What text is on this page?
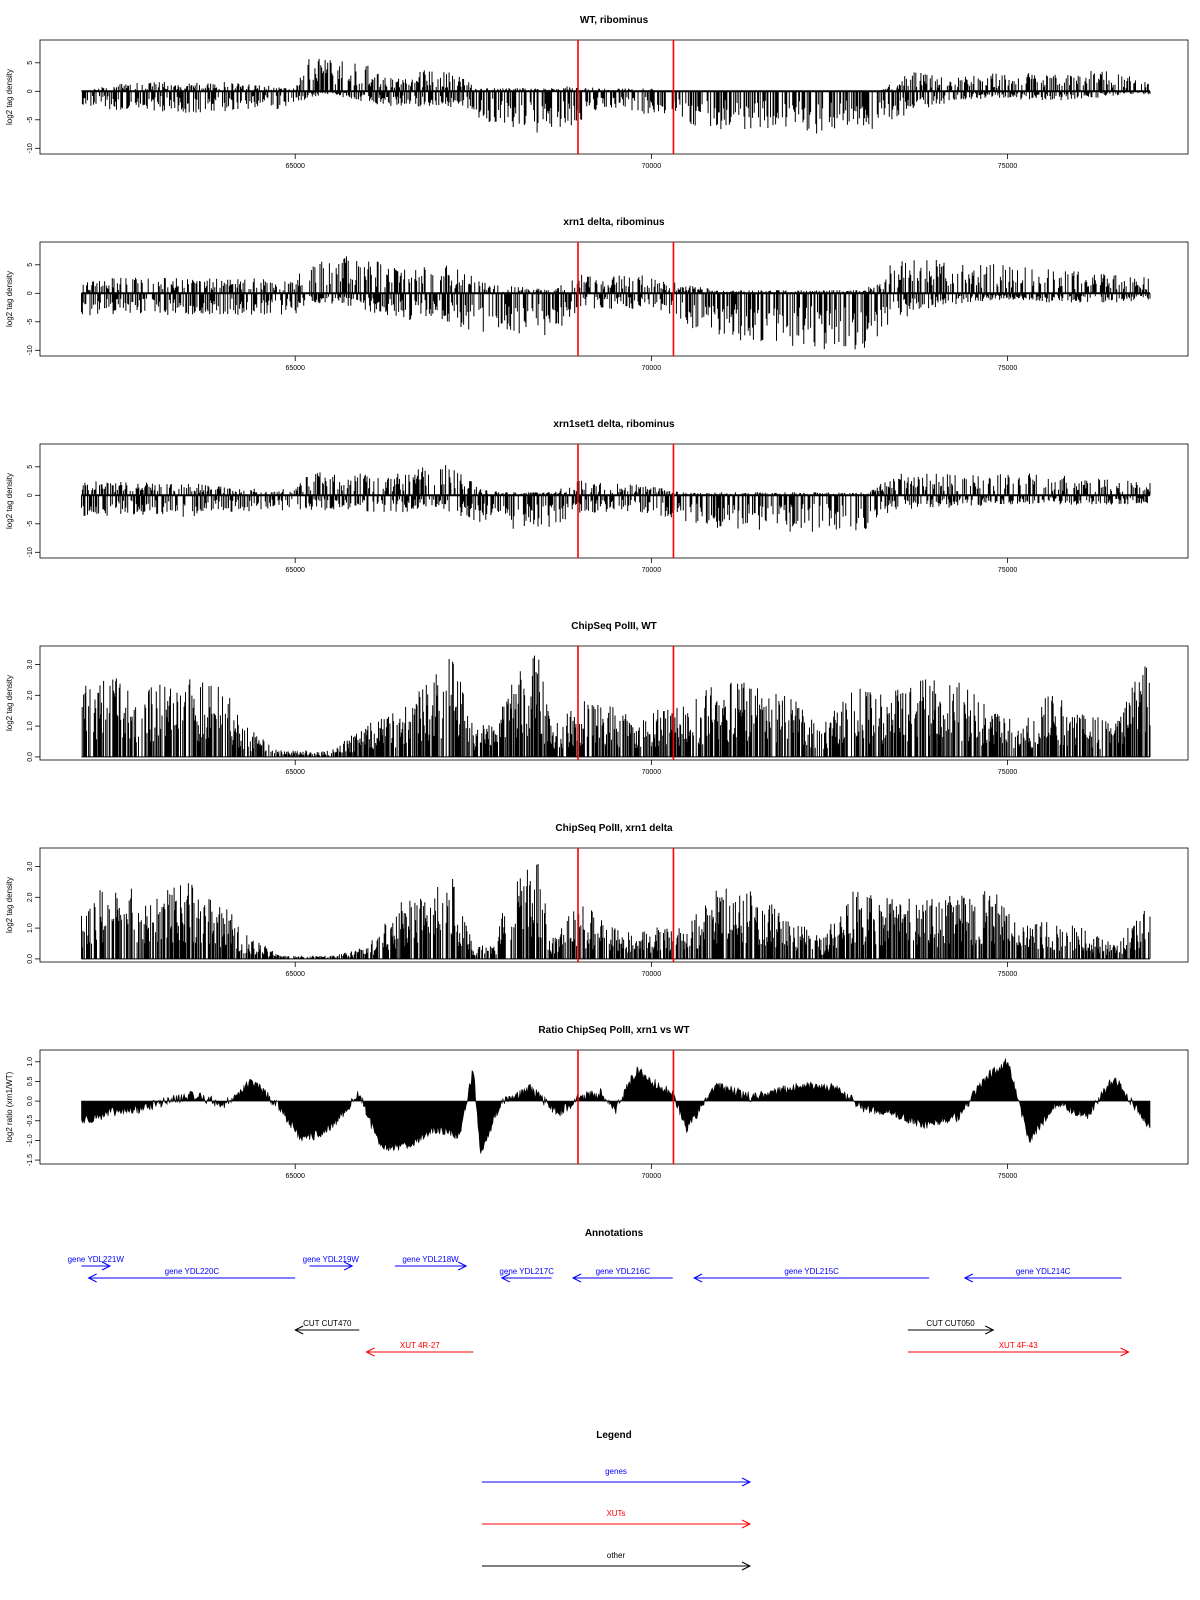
WT, ribominus
log2 tag density
-10
-5
0
5
65000	70000	75000
xrn1 delta, ribominus
log2 tag density
-10
-5
0
5
65000	70000	75000
xrn1set1 delta, ribominus
log2 tag density
-10
-5
0
5
65000	70000	75000
ChipSeq PolII, WT
log2 tag density
0.0
1.0
2.0
3.0
65000	70000	75000
ChipSeq PolII, xrn1 delta
log2 tag density
0.0
1.0
2.0
3.0
65000	70000	75000
Ratio ChipSeq PolII, xrn1 vs WT
log2 ratio (xrn1/WT)
-1.5
-1.0
-0.5
0.0
0.5
1.0
65000	70000	75000
Annotations
gene YDL221W
gene YDL220C
gene YDL219W	gene YDL218W
gene YDL217C	gene YDL216C	gene YDL215C	gene YDL214C
CUT CUT470	CUT CUT050
XUT 4R-27	XUT 4F-43
Legend
genes
XUTs
other
